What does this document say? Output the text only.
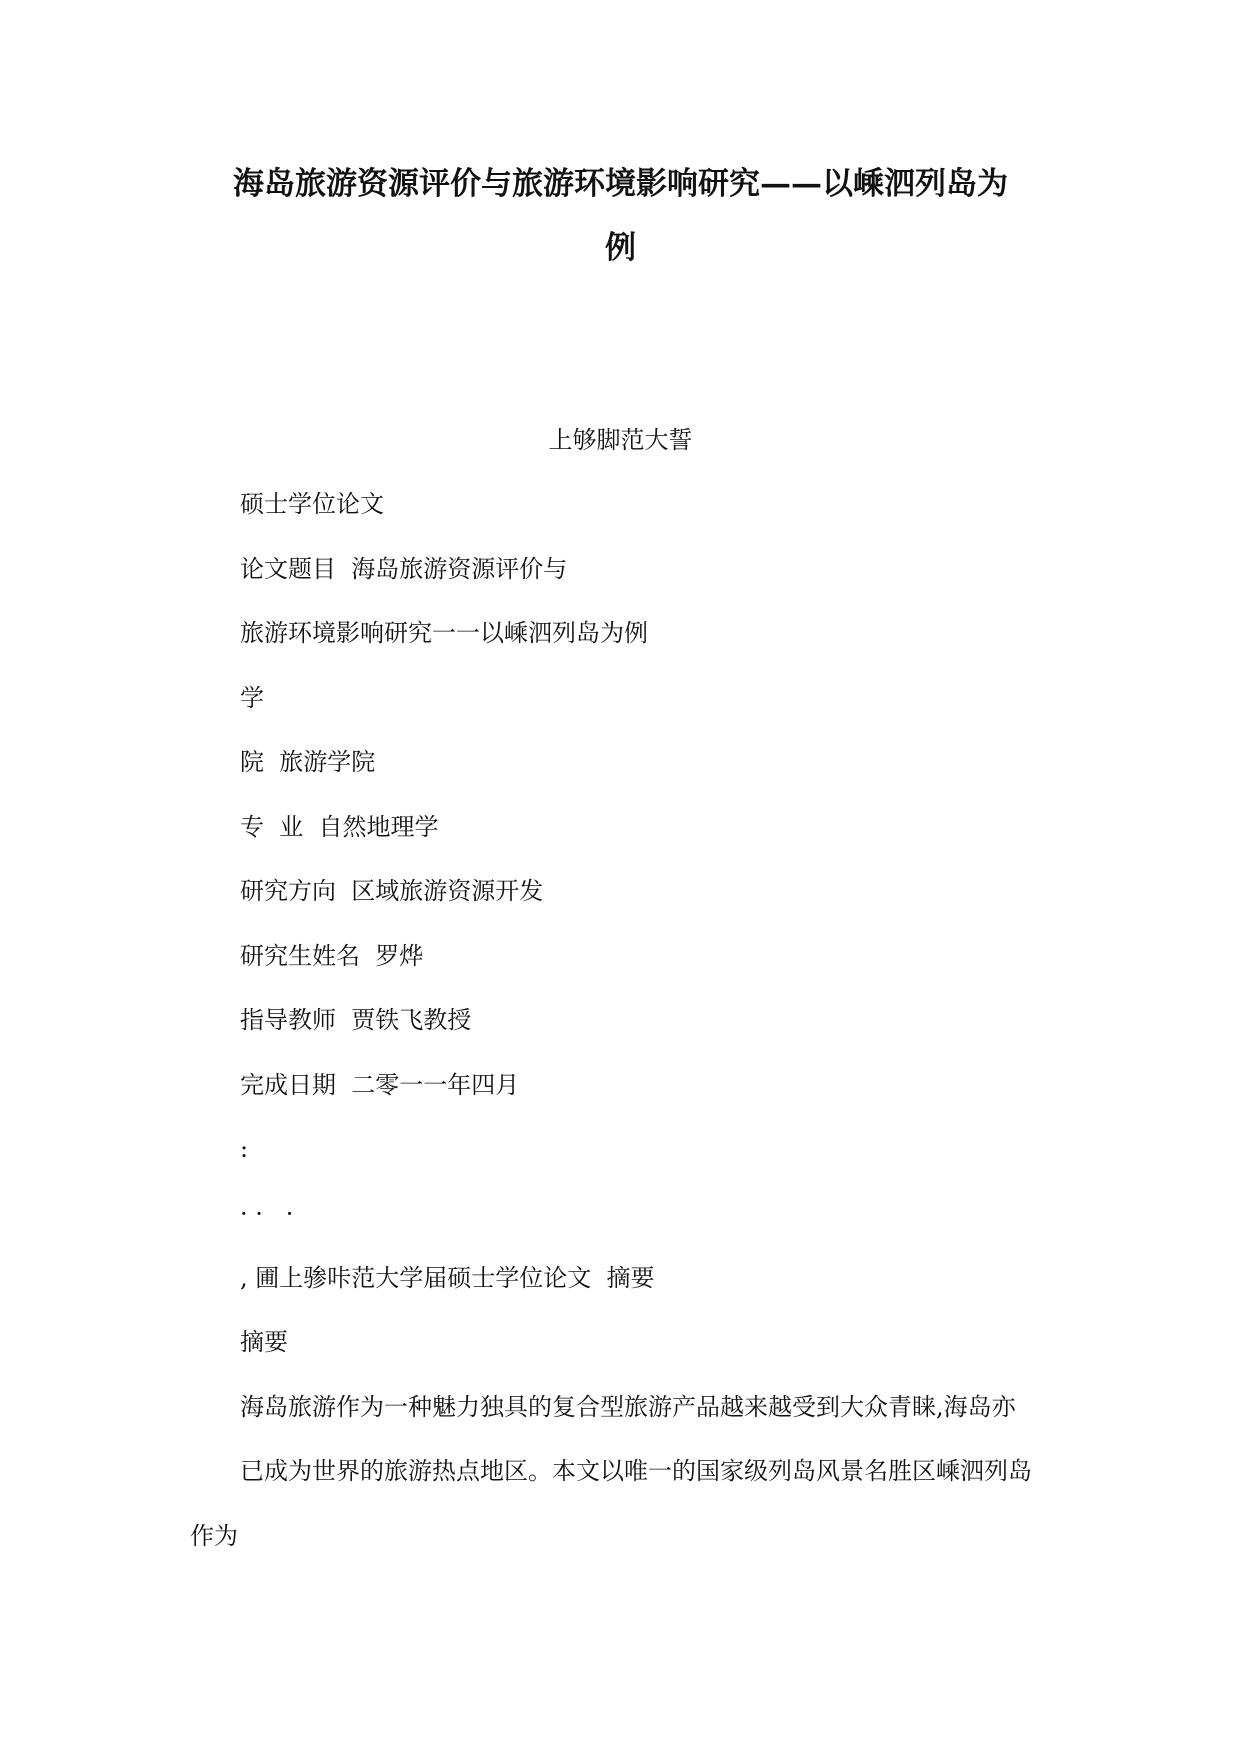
海岛旅游资源评价与旅游环境影响研究——以嵊泗列岛为
例

上够脚范大誓

硕士学位论文

论文题目 海岛旅游资源评价与

旅游环境影响研究一一以嵊泗列岛为例

学

院 旅游学院

专  业 自然地理学

研究方向 区域旅游资源开发

研究生姓名 罗烨

指导教师 贾铁飞教授

完成日期 二零一一年四月

:

· ·   ·

, 圃上骖咔范大学届硕士学位论文  摘要

摘要

海岛旅游作为一种魅力独具的复合型旅游产品越来越受到大众青睐,海岛亦

已成为世界的旅游热点地区。本文以唯一的国家级列岛风景名胜区嵊泗列岛

作为
